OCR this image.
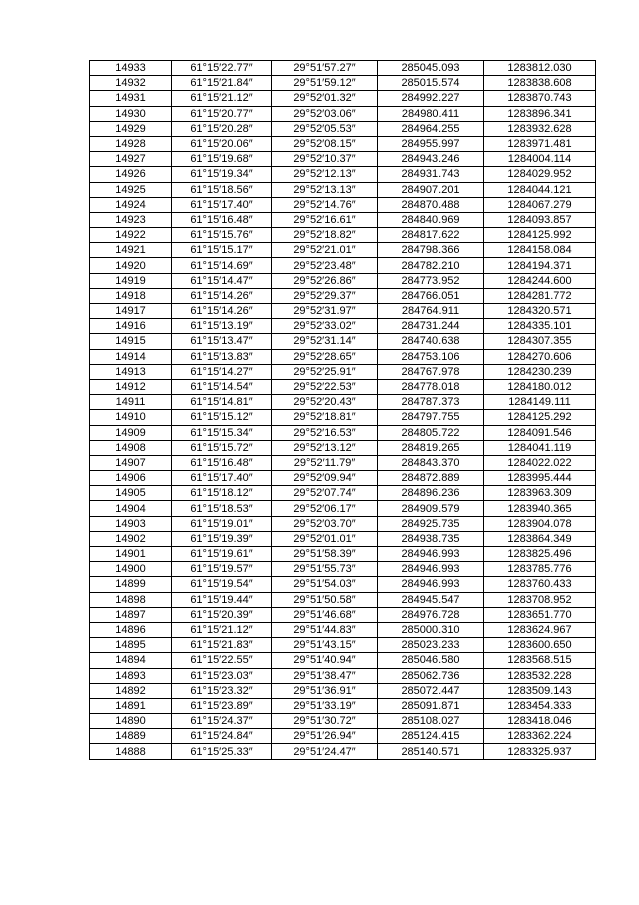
14933	61°15′22.77″	29°51′57.27″	285045.093	1283812.030
14932	61°15′21.84″	29°51′59.12″	285015.574	1283838.608
14931	61°15′21.12″	29°52′01.32″	284992.227	1283870.743
14930	61°15′20.77″	29°52′03.06″	284980.411	1283896.341
14929	61°15′20.28″	29°52′05.53″	284964.255	1283932.628
14928	61°15′20.06″	29°52′08.15″	284955.997	1283971.481
14927	61°15′19.68″	29°52′10.37″	284943.246	1284004.114
14926	61°15′19.34″	29°52′12.13″	284931.743	1284029.952
14925	61°15′18.56″	29°52′13.13″	284907.201	1284044.121
14924	61°15′17.40″	29°52′14.76″	284870.488	1284067.279
14923	61°15′16.48″	29°52′16.61″	284840.969	1284093.857
14922	61°15′15.76″	29°52′18.82″	284817.622	1284125.992
14921	61°15′15.17″	29°52′21.01″	284798.366	1284158.084
14920	61°15′14.69″	29°52′23.48″	284782.210	1284194.371
14919	61°15′14.47″	29°52′26.86″	284773.952	1284244.600
14918	61°15′14.26″	29°52′29.37″	284766.051	1284281.772
14917	61°15′14.26″	29°52′31.97″	284764.911	1284320.571
14916	61°15′13.19″	29°52′33.02″	284731.244	1284335.101
14915	61°15′13.47″	29°52′31.14″	284740.638	1284307.355
14914	61°15′13.83″	29°52′28.65″	284753.106	1284270.606
14913	61°15′14.27″	29°52′25.91″	284767.978	1284230.239
14912	61°15′14.54″	29°52′22.53″	284778.018	1284180.012
14911	61°15′14.81″	29°52′20.43″	284787.373	1284149.111
14910	61°15′15.12″	29°52′18.81″	284797.755	1284125.292
14909	61°15′15.34″	29°52′16.53″	284805.722	1284091.546
14908	61°15′15.72″	29°52′13.12″	284819.265	1284041.119
14907	61°15′16.48″	29°52′11.79″	284843.370	1284022.022
14906	61°15′17.40″	29°52′09.94″	284872.889	1283995.444
14905	61°15′18.12″	29°52′07.74″	284896.236	1283963.309
14904	61°15′18.53″	29°52′06.17″	284909.579	1283940.365
14903	61°15′19.01″	29°52′03.70″	284925.735	1283904.078
14902	61°15′19.39″	29°52′01.01″	284938.735	1283864.349
14901	61°15′19.61″	29°51′58.39″	284946.993	1283825.496
14900	61°15′19.57″	29°51′55.73″	284946.993	1283785.776
14899	61°15′19.54″	29°51′54.03″	284946.993	1283760.433
14898	61°15′19.44″	29°51′50.58″	284945.547	1283708.952
14897	61°15′20.39″	29°51′46.68″	284976.728	1283651.770
14896	61°15′21.12″	29°51′44.83″	285000.310	1283624.967
14895	61°15′21.83″	29°51′43.15″	285023.233	1283600.650
14894	61°15′22.55″	29°51′40.94″	285046.580	1283568.515
14893	61°15′23.03″	29°51′38.47″	285062.736	1283532.228
14892	61°15′23.32″	29°51′36.91″	285072.447	1283509.143
14891	61°15′23.89″	29°51′33.19″	285091.871	1283454.333
14890	61°15′24.37″	29°51′30.72″	285108.027	1283418.046
14889	61°15′24.84″	29°51′26.94″	285124.415	1283362.224
14888	61°15′25.33″	29°51′24.47″	285140.571	1283325.937
